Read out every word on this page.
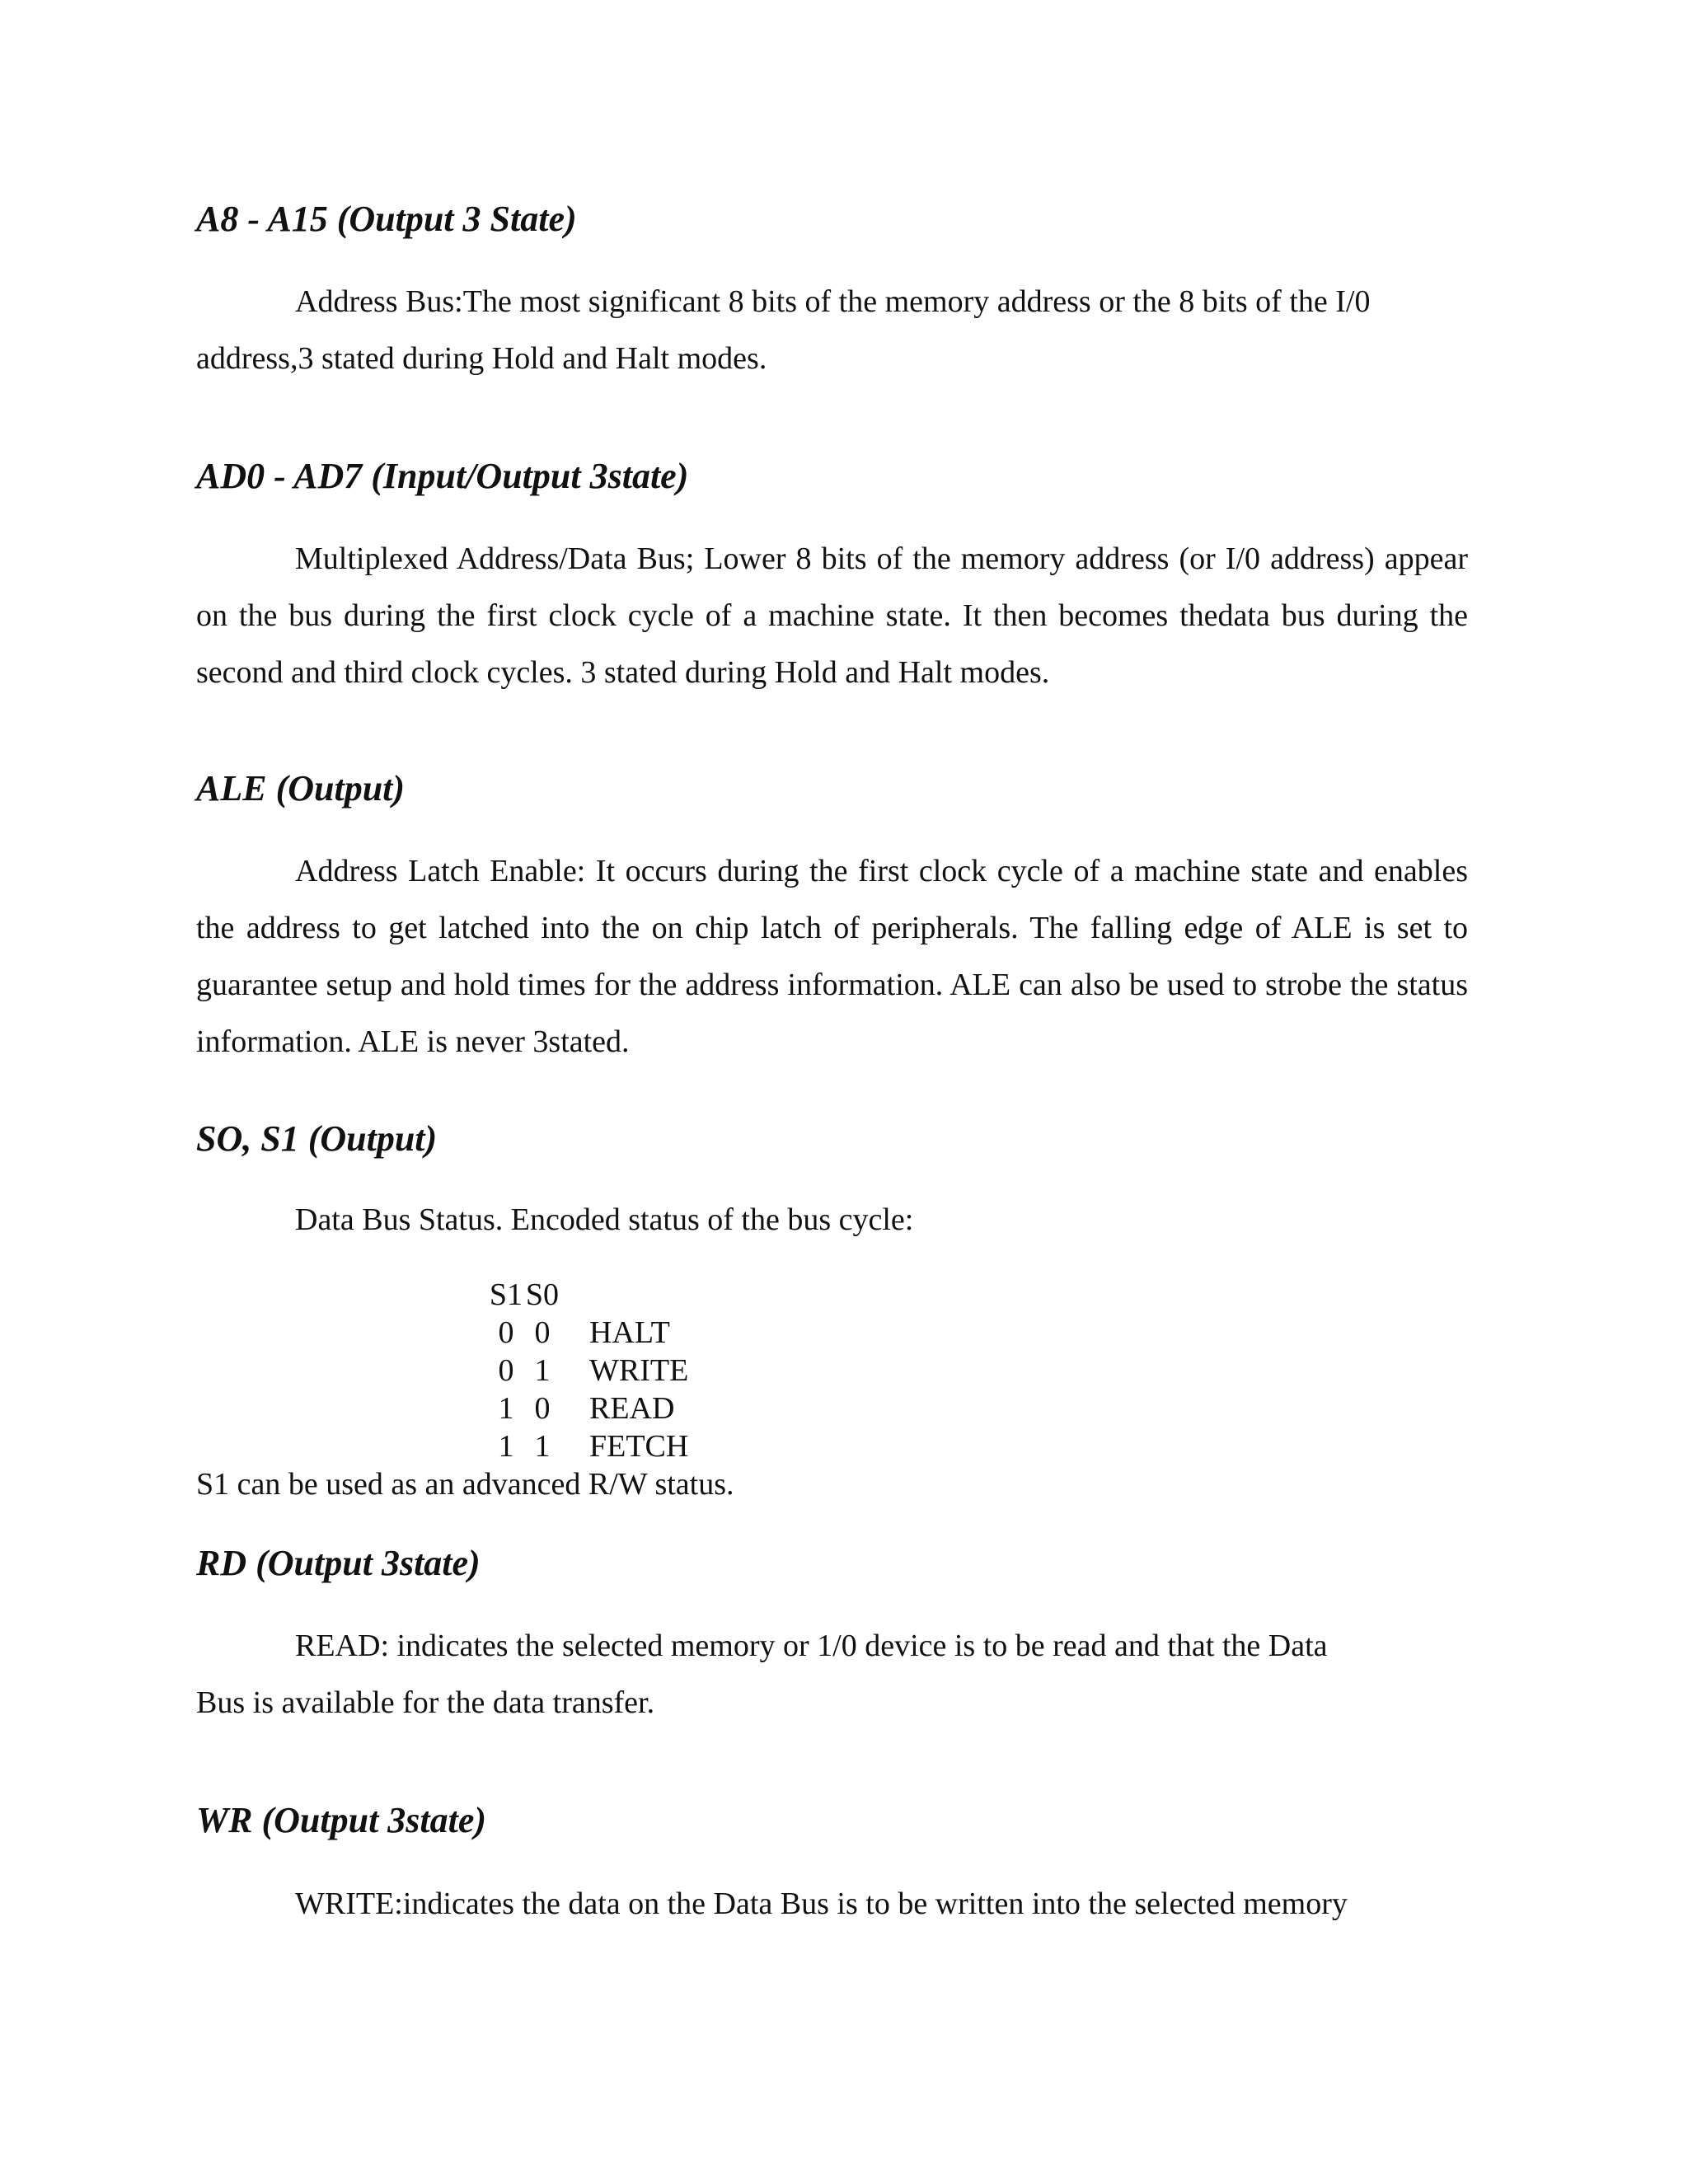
A8 - A15 (Output 3 State)

Address Bus:The most significant 8 bits of the memory address or the 8 bits of the I/0 address,3 stated during Hold and Halt modes.

AD0 - AD7 (Input/Output 3state)

Multiplexed Address/Data Bus; Lower 8 bits of the memory address (or I/0 address) appear on the bus during the first clock cycle of a machine state. It then becomes thedata bus during the second and third clock cycles. 3 stated during Hold and Halt modes.

ALE (Output)

Address Latch Enable: It occurs during the first clock cycle of a machine state and enables the address to get latched into the on chip latch of peripherals. The falling edge of ALE is set to guarantee setup and hold times for the address information. ALE can also be used to strobe the status information. ALE is never 3stated.

SO, S1 (Output)

Data Bus Status. Encoded status of the bus cycle:

S1	S0	
0	0	HALT
0	1	WRITE
1	0	READ
1	1	FETCH

S1 can be used as an advanced R/W status.

RD (Output 3state)

READ: indicates the selected memory or 1/0 device is to be read and that the Data Bus is available for the data transfer.

WR (Output 3state)

WRITE:indicates the data on the Data Bus is to be written into the selected memory
